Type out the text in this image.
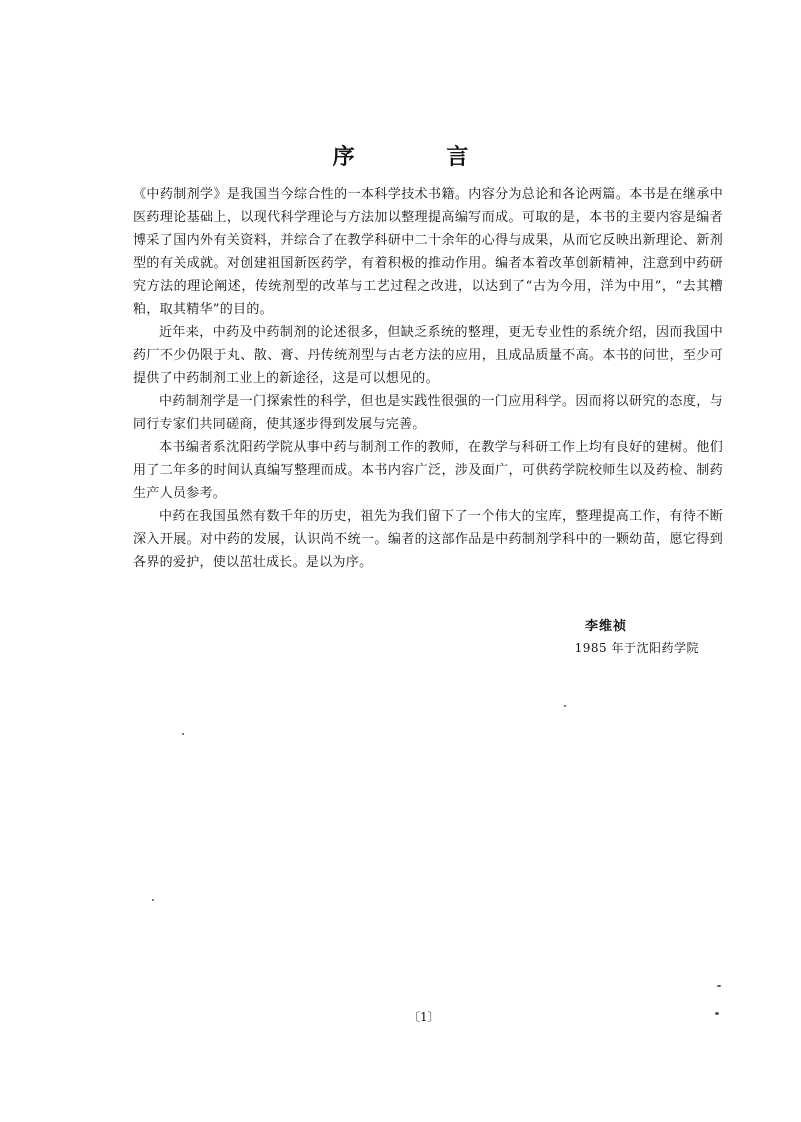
序 言

《中药制剂学》是我国当今综合性的一本科学技术书籍。内容分为总论和各论两篇。本书是在继承中医药理论基础上，以现代科学理论与方法加以整理提高编写而成。可取的是，本书的主要内容是编者博采了国内外有关资料，并综合了在教学科研中二十余年的心得与成果，从而它反映出新理论、新剂型的有关成就。对创建祖国新医药学，有着积极的推动作用。编者本着改革创新精神，注意到中药研究方法的理论阐述，传统剂型的改革与工艺过程之改进，以达到了“古为今用，洋为中用”，“去其糟粕，取其精华”的目的。

近年来，中药及中药制剂的论述很多，但缺乏系统的整理，更无专业性的系统介绍，因而我国中药厂不少仍限于丸、散、膏、丹传统剂型与古老方法的应用，且成品质量不高。本书的问世，至少可提供了中药制剂工业上的新途径，这是可以想见的。

中药制剂学是一门探索性的科学，但也是实践性很强的一门应用科学。因而将以研究的态度，与同行专家们共同磋商，使其逐步得到发展与完善。

本书编者系沈阳药学院从事中药与制剂工作的教师，在教学与科研工作上均有良好的建树。他们用了二年多的时间认真编写整理而成。本书内容广泛，涉及面广，可供药学院校师生以及药检、制药生产人员参考。

中药在我国虽然有数千年的历史，祖先为我们留下了一个伟大的宝库，整理提高工作，有待不断深入开展。对中药的发展，认识尚不统一。编者的这部作品是中药制剂学科中的一颗幼苗，愿它得到各界的爱护，使以茁壮成长。是以为序。

李维祯
1985 年于沈阳药学院
〔1〕
